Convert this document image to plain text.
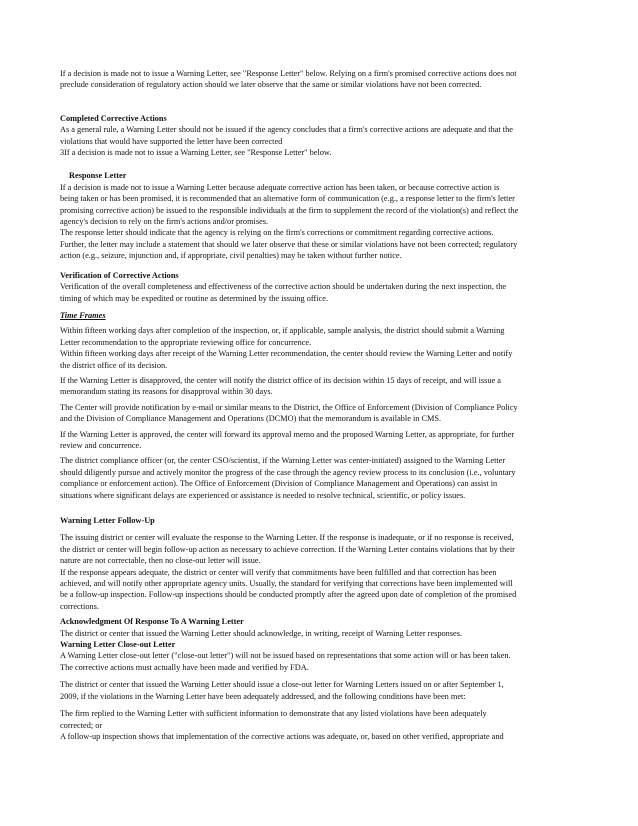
If a decision is made not to issue a Warning Letter, see "Response Letter" below. Relying on a firm's promised corrective actions does not
preclude consideration of regulatory action should we later observe that the same or similar violations have not been corrected.

Completed Corrective Actions

As a general rule, a Warning Letter should not be issued if the agency concludes that a firm's corrective actions are adequate and that the
violations that would have supported the letter have been corrected
3If a decision is made not to issue a Warning Letter, see "Response Letter" below.

Response Letter

If a decision is made not to issue a Warning Letter because adequate corrective action has been taken, or because corrective action is
being taken or has been promised, it is recommended that an alternative form of communication (e.g., a response letter to the firm's letter
promising corrective action) be issued to the responsible individuals at the firm to supplement the record of the violation(s) and reflect the
agency's decision to rely on the firm's actions and/or promises.
The response letter should indicate that the agency is relying on the firm's corrections or commitment regarding corrective actions.
Further, the letter may include a statement that should we later observe that these or similar violations have not been corrected; regulatory
action (e.g., seizure, injunction and, if appropriate, civil penalties) may be taken without further notice.

Verification of Corrective Actions

Verification of the overall completeness and effectiveness of the corrective action should be undertaken during the next inspection, the
timing of which may be expedited or routine as determined by the issuing office.

Time Frames

Within fifteen working days after completion of the inspection, or, if applicable, sample analysis, the district should submit a Warning
Letter recommendation to the appropriate reviewing office for concurrence.
Within fifteen working days after receipt of the Warning Letter recommendation, the center should review the Warning Letter and notify
the district office of its decision.

If the Warning Letter is disapproved, the center will notify the district office of its decision within 15 days of receipt, and will issue a
memorandum stating its reasons for disapproval within 30 days.

The Center will provide notification by e-mail or similar means to the District, the Office of Enforcement (Division of Compliance Policy
and the Division of Compliance Management and Operations (DCMO) that the memorandum is available in CMS.

If the Warning Letter is approved, the center will forward its approval memo and the proposed Warning Letter, as appropriate, for further
review and concurrence.

The district compliance officer (or, the center CSO/scientist, if the Warning Letter was center-initiated) assigned to the Warning Letter
should diligently pursue and actively monitor the progress of the case through the agency review process to its conclusion (i.e., voluntary
compliance or enforcement action). The Office of Enforcement (Division of Compliance Management and Operations) can assist in
situations where significant delays are experienced or assistance is needed to resolve technical, scientific, or policy issues.

Warning Letter Follow-Up

The issuing district or center will evaluate the response to the Warning Letter. If the response is inadequate, or if no response is received,
the district or center will begin follow-up action as necessary to achieve correction. If the Warning Letter contains violations that by their
nature are not correctable, then no close-out letter will issue.
If the response appears adequate, the district or center will verify that commitments have been fulfilled and that correction has been
achieved, and will notify other appropriate agency units. Usually, the standard for verifying that corrections have been implemented will
be a follow-up inspection. Follow-up inspections should be conducted promptly after the agreed upon date of completion of the promised
corrections.

Acknowledgment Of Response To A Warning Letter

The district or center that issued the Warning Letter should acknowledge, in writing, receipt of Warning Letter responses.

Warning Letter Close-out Letter

A Warning Letter close-out letter ("close-out letter") will not be issued based on representations that some action will or has been taken.
The corrective actions must actually have been made and verified by FDA.

The district or center that issued the Warning Letter should issue a close-out letter for Warning Letters issued on or after September 1,
2009, if the violations in the Warning Letter have been adequately addressed, and the following conditions have been met:

The firm replied to the Warning Letter with sufficient information to demonstrate that any listed violations have been adequately
corrected; or
A follow-up inspection shows that implementation of the corrective actions was adequate, or, based on other verified, appropriate and
